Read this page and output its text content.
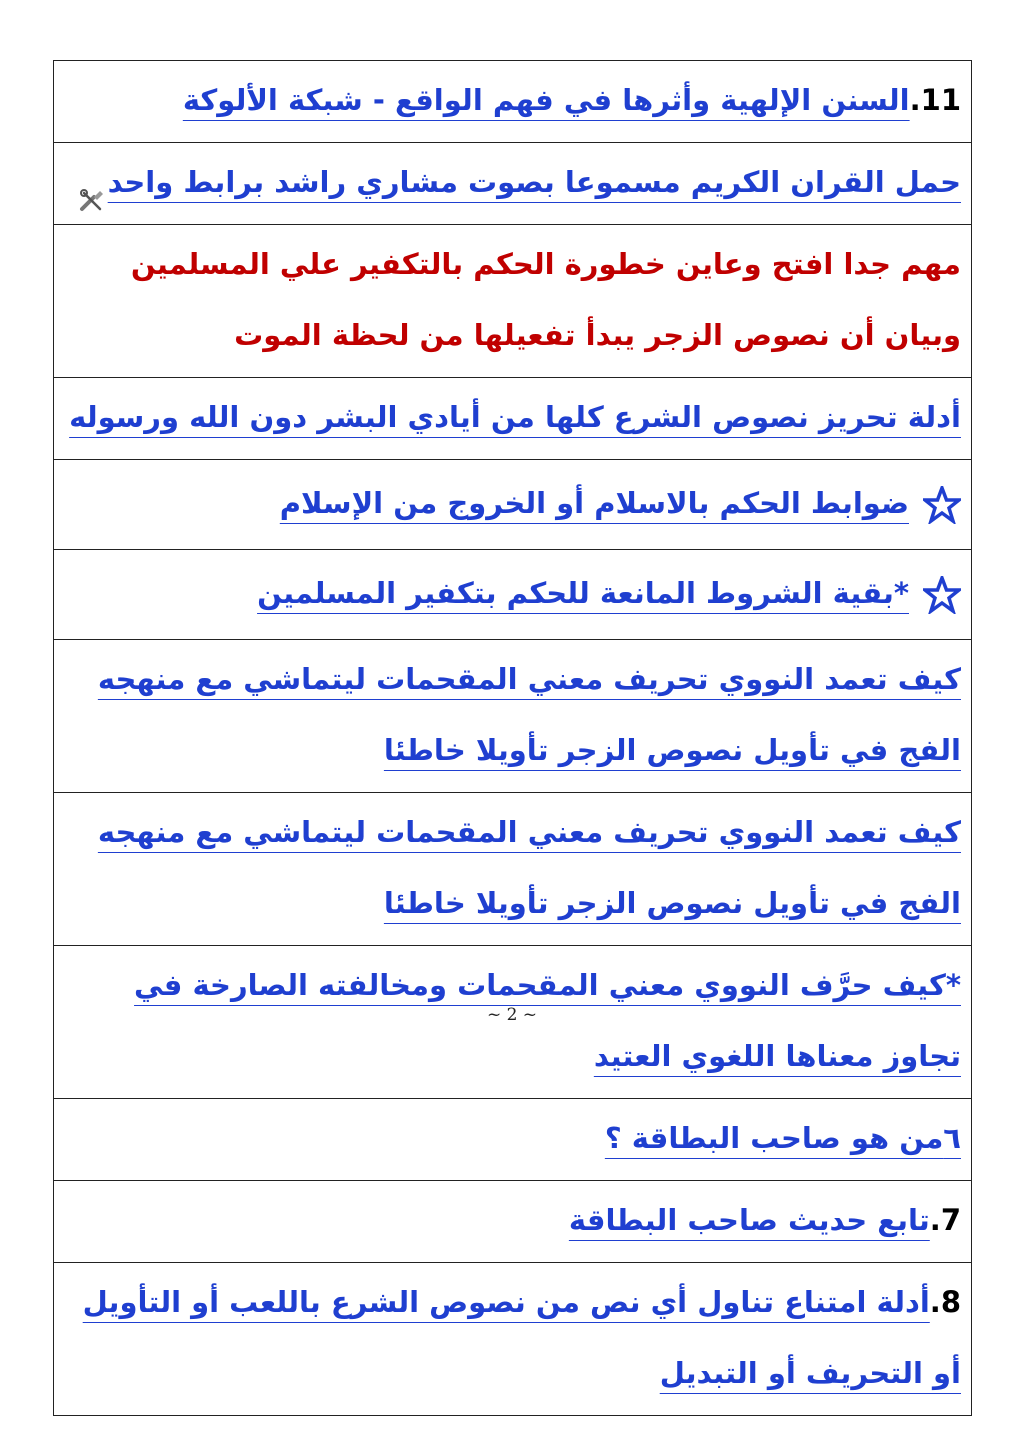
11.السنن الإلهية وأثرها في فهم الواقع - شبكة الألوكة
حمل القران الكريم مسموعا بصوت مشاري راشد برابط واحد
مهم جدا افتح وعاين خطورة الحكم بالتكفير علي المسلمين وبيان أن نصوص الزجر يبدأ تفعيلها من لحظة الموت
أدلة تحريز نصوص الشرع كلها من أيادي البشر دون الله ورسوله

ضوابط الحكم بالاسلام أو الخروج من الإسلام

*بقية الشروط المانعة للحكم بتكفير المسلمين
كيف تعمد النووي تحريف معني المقحمات ليتماشي مع منهجه الفج في تأويل نصوص الزجر تأويلا خاطئا
كيف تعمد النووي تحريف معني المقحمات ليتماشي مع منهجه الفج في تأويل نصوص الزجر تأويلا خاطئا
*كيف حرَّف النووي معني المقحمات ومخالفته الصارخة في تجاوز معناها اللغوي العتيد
٦من هو صاحب البطاقة ؟
7.تابع حديث صاحب البطاقة
8.أدلة امتناع تناول أي نص من نصوص الشرع باللعب أو التأويل أو التحريف أو التبديل
~ 2 ~
